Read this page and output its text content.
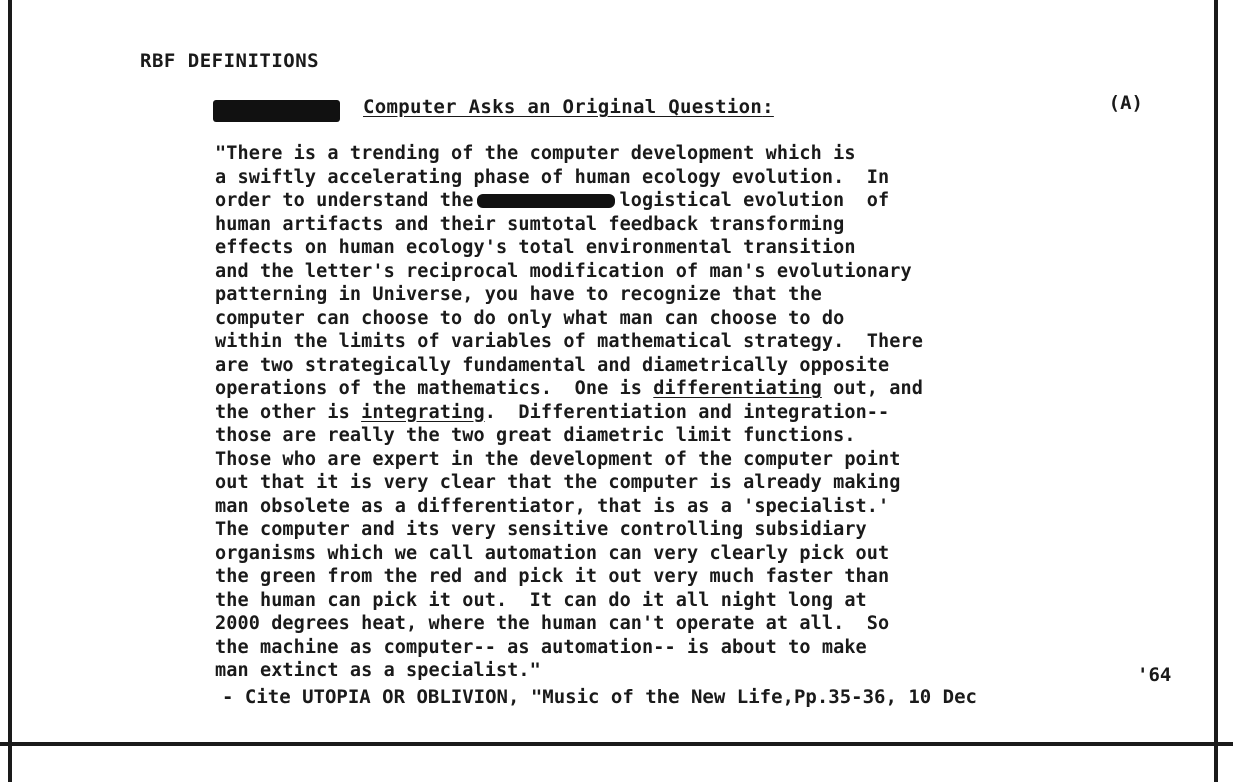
RBF DEFINITIONS
Computer Asks an Original Question:	(A)
"There is a trending of the computer development which is
a swiftly accelerating phase of human ecology evolution.  In
order to understand the	logistical evolution  of
human artifacts and their sumtotal feedback transforming
effects on human ecology's total environmental transition
and the letter's reciprocal modification of man's evolutionary
patterning in Universe, you have to recognize that the
computer can choose to do only what man can choose to do
within the limits of variables of mathematical strategy.  There
are two strategically fundamental and diametrically opposite
operations of the mathematics.  One is differentiating out, and
the other is integrating.  Differentiation and integration--
those are really the two great diametric limit functions.
Those who are expert in the development of the computer point
out that it is very clear that the computer is already making
man obsolete as a differentiator, that is as a 'specialist.'
The computer and its very sensitive controlling subsidiary
organisms which we call automation can very clearly pick out
the green from the red and pick it out very much faster than
the human can pick it out.  It can do it all night long at
2000 degrees heat, where the human can't operate at all.  So
the machine as computer-- as automation-- is about to make
man extinct as a specialist."	'64
- Cite UTOPIA OR OBLIVION, "Music of the New Life,Pp.35-36, 10 Dec
